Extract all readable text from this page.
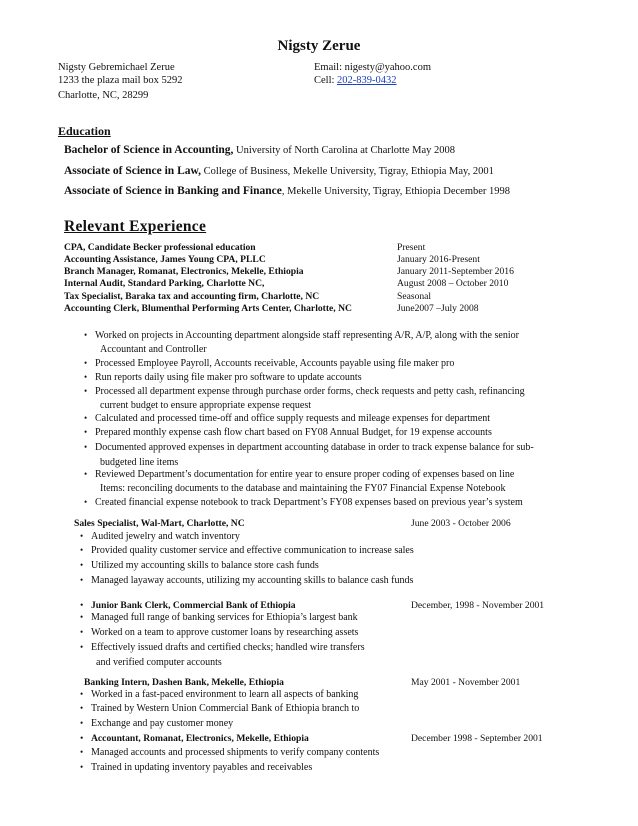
Nigsty Zerue
Nigsty Gebremichael Zerue
1233 the plaza mail box 5292
Charlotte, NC, 28299
Email: nigesty@yahoo.com
Cell: 202-839-0432
Education
Bachelor of Science in Accounting, University of North Carolina at Charlotte May 2008
Associate of Science in Law, College of Business, Mekelle University, Tigray, Ethiopia May, 2001
Associate of Science in Banking and Finance, Mekelle University, Tigray, Ethiopia December 1998
Relevant Experience
CPA, Candidate Becker professional education	Present
Accounting Assistance, James Young CPA, PLLC	January 2016-Present
Branch Manager, Romanat, Electronics, Mekelle, Ethiopia	January 2011-September 2016
Internal Audit, Standard Parking, Charlotte NC,	August 2008 – October 2010
Tax Specialist, Baraka tax and accounting firm, Charlotte, NC	Seasonal
Accounting Clerk, Blumenthal Performing Arts Center, Charlotte, NC	June2007 –July 2008
• Worked on projects in Accounting department alongside staff representing A/R, A/P, along with the senior
Accountant and Controller
• Processed Employee Payroll, Accounts receivable, Accounts payable using file maker pro
• Run reports daily using file maker pro software to update accounts
• Processed all department expense through purchase order forms, check requests and petty cash, refinancing
current budget to ensure appropriate expense request
• Calculated and processed time-off and office supply requests and mileage expenses for department
• Prepared monthly expense cash flow chart based on FY08 Annual Budget, for 19 expense accounts
• Documented approved expenses in department accounting database in order to track expense balance for sub-
budgeted line items
• Reviewed Department’s documentation for entire year to ensure proper coding of expenses based on line
Items: reconciling documents to the database and maintaining the FY07 Financial Expense Notebook
• Created financial expense notebook to track Department’s FY08 expenses based on previous year’s system
Sales Specialist, Wal-Mart, Charlotte, NC	June 2003 - October 2006
• Audited jewelry and watch inventory
• Provided quality customer service and effective communication to increase sales
• Utilized my accounting skills to balance store cash funds
• Managed layaway accounts, utilizing my accounting skills to balance cash funds
• Junior Bank Clerk, Commercial Bank of Ethiopia	December, 1998 - November 2001
• Managed full range of banking services for Ethiopia’s largest bank
• Worked on a team to approve customer loans by researching assets
• Effectively issued drafts and certified checks; handled wire transfers
and verified computer accounts
Banking Intern, Dashen Bank, Mekelle, Ethiopia	May 2001 - November 2001
• Worked in a fast-paced environment to learn all aspects of banking
• Trained by Western Union Commercial Bank of Ethiopia branch to
• Exchange and pay customer money
• Accountant, Romanat, Electronics, Mekelle, Ethiopia	December 1998 - September 2001
• Managed accounts and processed shipments to verify company contents
• Trained in updating inventory payables and receivables
